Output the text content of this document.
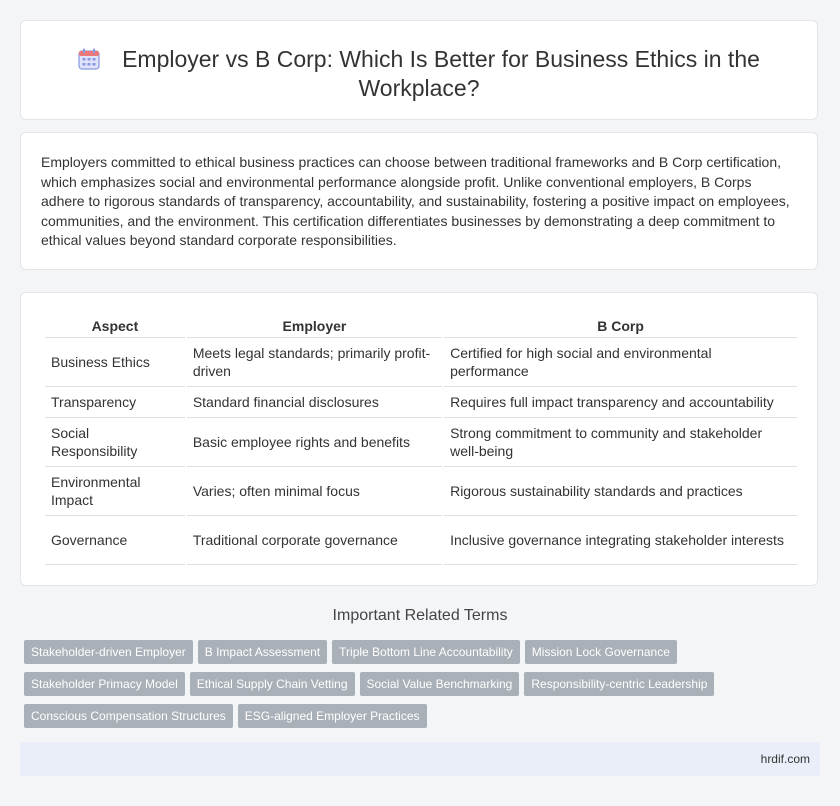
Employer vs B Corp: Which Is Better for Business Ethics in the Workplace?

Employers committed to ethical business practices can choose between traditional frameworks and B Corp certification, which emphasizes social and environmental performance alongside profit. Unlike conventional employers, B Corps adhere to rigorous standards of transparency, accountability, and sustainability, fostering a positive impact on employees, communities, and the environment. This certification differentiates businesses by demonstrating a deep commitment to ethical values beyond standard corporate responsibilities.

Aspect	Employer	B Corp
Business Ethics	Meets legal standards; primarily profit-driven	Certified for high social and environmental performance
Transparency	Standard financial disclosures	Requires full impact transparency and accountability
Social Responsibility	Basic employee rights and benefits	Strong commitment to community and stakeholder well-being
Environmental Impact	Varies; often minimal focus	Rigorous sustainability standards and practices
Governance	Traditional corporate governance	Inclusive governance integrating stakeholder interests
Important Related Terms
Stakeholder-driven Employer B Impact Assessment Triple Bottom Line Accountability Mission Lock Governance
Stakeholder Primacy Model Ethical Supply Chain Vetting Social Value Benchmarking Responsibility-centric Leadership
Conscious Compensation Structures ESG-aligned Employer Practices
hrdif.com
